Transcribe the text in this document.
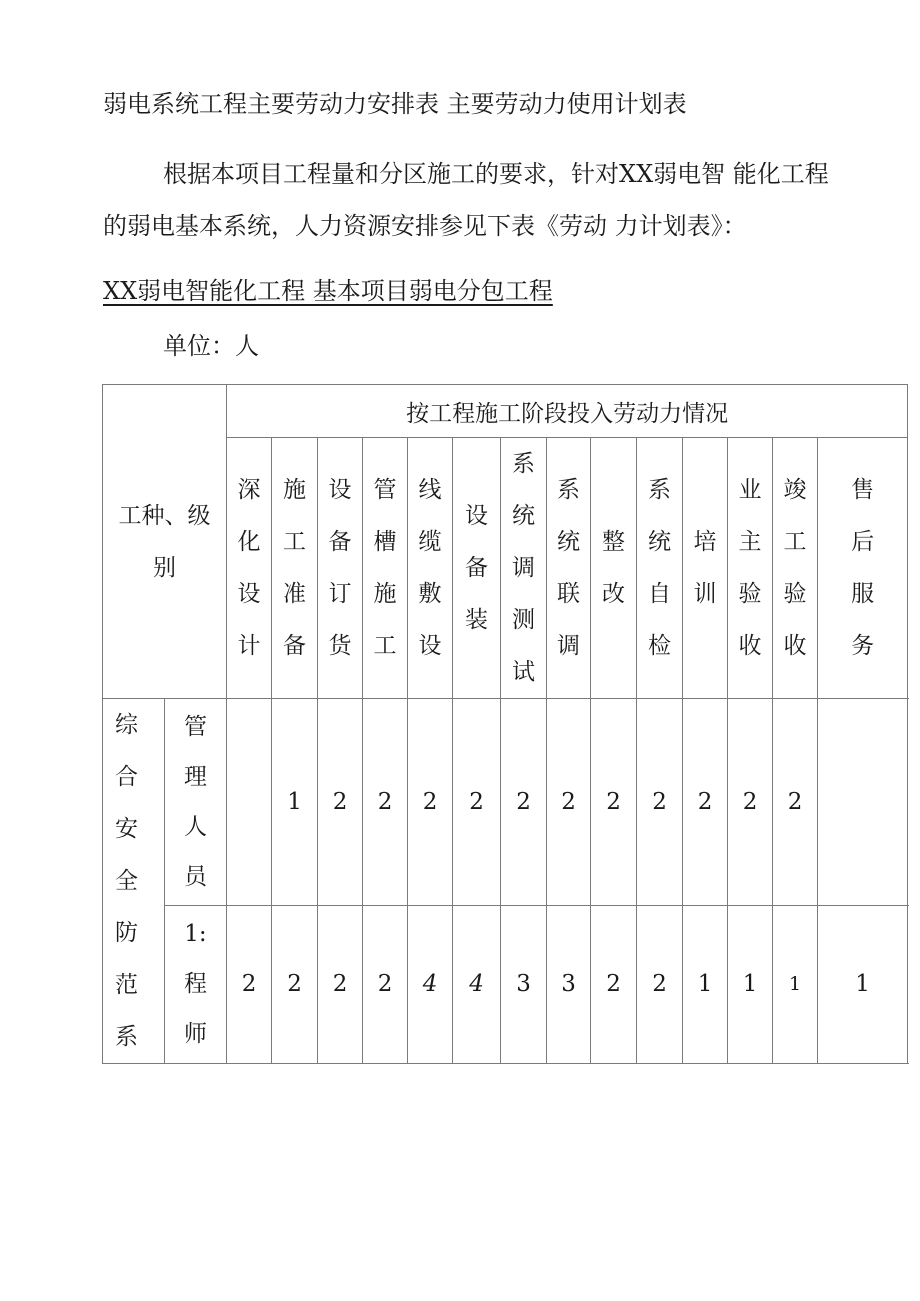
弱电系统工程主要劳动力安排表 主要劳动力使用计划表
根据本项目工程量和分区施工的要求，针对XX弱电智 能化工程
的弱电基本系统，人力资源安排参见下表《劳动 力计划表》：
XX弱电智能化工程 基本项目弱电分包工程
单位：人
工种、级别		按工程施工阶段投入劳动力情况													
		深化设计	施工准备	设备订货	管槽施工	线缆敷设	设备装	系统调测试	系统联调	整改	系统自检	培训	业主验收	竣工验收	售后服务
综合安全防范系	管理人员		1	2	2	2	2	2	2	2	2	2	2	2	
	1:程师	2	2	2	2	4	4	3	3	2	2	1	1	1	1
